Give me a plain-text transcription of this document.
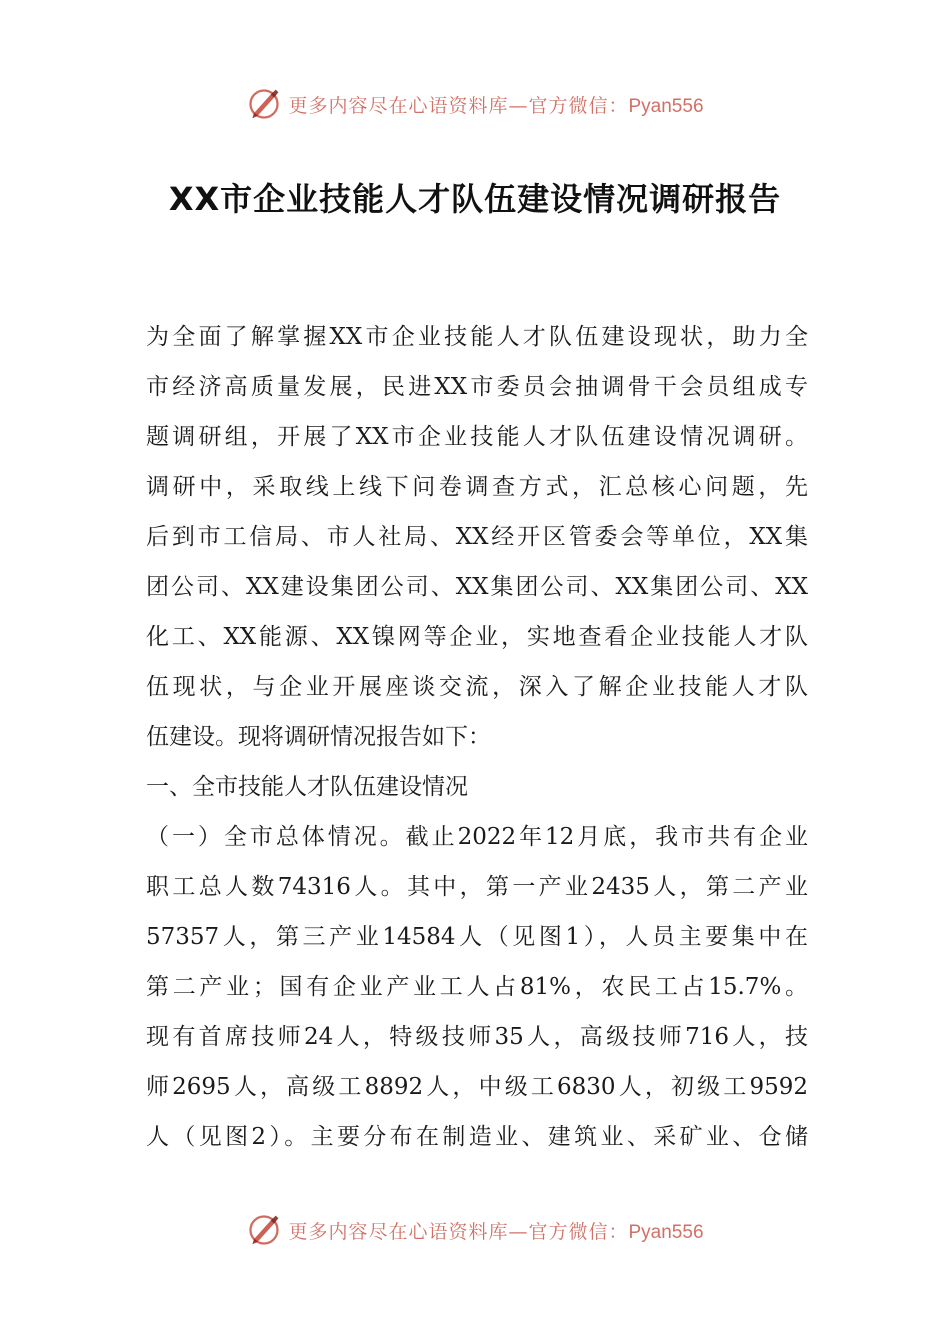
更多内容尽在心语资料库—官方微信：Pyan556
XX市企业技能人才队伍建设情况调研报告
为全面了解掌握XX市企业技能人才队伍建设现状，助力全
市经济高质量发展，民进XX市委员会抽调骨干会员组成专
题调研组，开展了XX市企业技能人才队伍建设情况调研。
调研中，采取线上线下问卷调查方式，汇总核心问题，先
后到市工信局、市人社局、XX经开区管委会等单位，XX集
团公司、XX建设集团公司、XX集团公司、XX集团公司、XX
化工、XX能源、XX镍网等企业，实地查看企业技能人才队
伍现状，与企业开展座谈交流，深入了解企业技能人才队
伍建设。现将调研情况报告如下：
一、全市技能人才队伍建设情况
（一）全市总体情况。截止2022年12月底，我市共有企业
职工总人数74316人。其中，第一产业2435人，第二产业
57357人，第三产业14584人（见图1），人员主要集中在
第二产业；国有企业产业工人占81%，农民工占15.7%。
现有首席技师24人，特级技师35人，高级技师716人，技
师2695人，高级工8892人，中级工6830人，初级工9592
人（见图2）。主要分布在制造业、建筑业、采矿业、仓储
更多内容尽在心语资料库—官方微信：Pyan556
